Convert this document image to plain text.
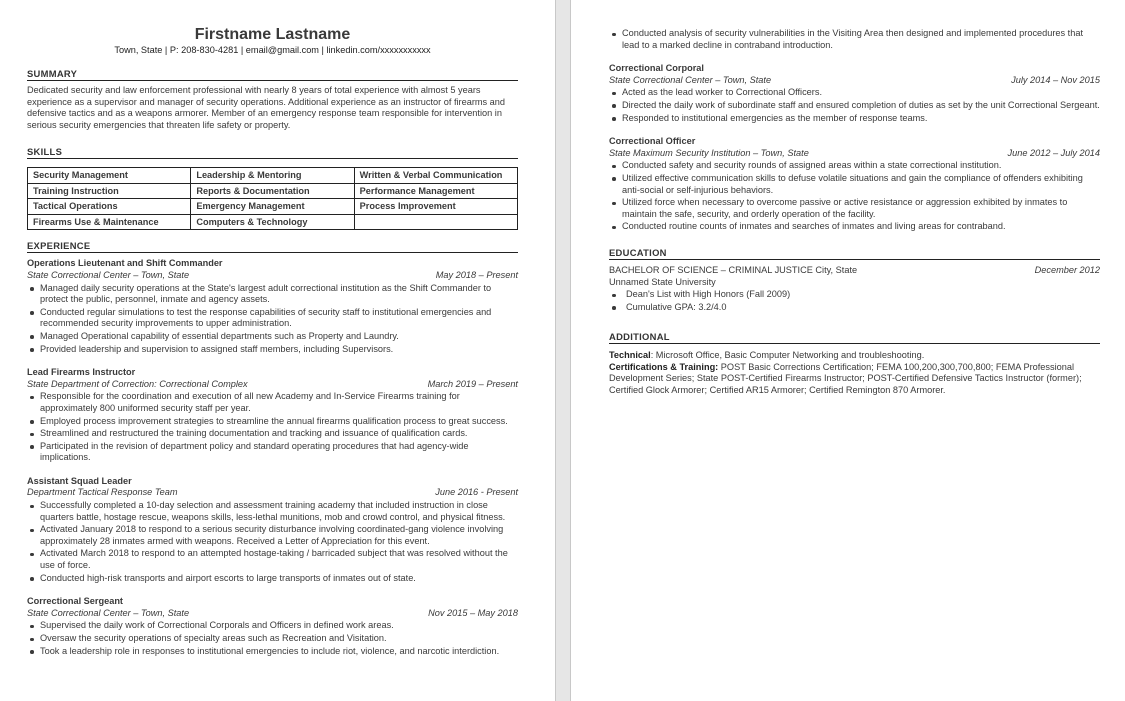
Firstname Lastname
Town, State | P: 208-830-4281 | email@gmail.com | linkedin.com/xxxxxxxxxxx
SUMMARY
Dedicated security and law enforcement professional with nearly 8 years of total experience with almost 5 years experience as a supervisor and manager of security operations. Additional experience as an instructor of firearms and defensive tactics and as a weapons armorer. Member of an emergency response team responsible for intervention in serious security emergencies that threaten life safety or property.
SKILLS
Security Management	Leadership & Mentoring	Written & Verbal Communication
Training Instruction	Reports & Documentation	Performance Management
Tactical Operations	Emergency Management	Process Improvement
Firearms Use & Maintenance	Computers & Technology	
EXPERIENCE
Operations Lieutenant and Shift Commander
State Correctional Center – Town, State	May 2018 – Present
Managed daily security operations at the State's largest adult correctional institution as the Shift Commander to protect the public, personnel, inmate and agency assets.
Conducted regular simulations to test the response capabilities of security staff to institutional emergencies and recommended security improvements to upper administration.
Managed Operational capability of essential departments such as Property and Laundry.
Provided leadership and supervision to assigned staff members, including Supervisors.
Lead Firearms Instructor
State Department of Correction: Correctional Complex	March 2019 – Present
Responsible for the coordination and execution of all new Academy and In-Service Firearms training for approximately 800 uniformed security staff per year.
Employed process improvement strategies to streamline the annual firearms qualification process to great success.
Streamlined and restructured the training documentation and tracking and issuance of qualification cards.
Participated in the revision of department policy and standard operating procedures that had agency-wide implications.
Assistant Squad Leader
Department Tactical Response Team	June 2016 - Present
Successfully completed a 10-day selection and assessment training academy that included instruction in close quarters battle, hostage rescue, weapons skills, less-lethal munitions, mob and crowd control, and physical fitness.
Activated January 2018 to respond to a serious security disturbance involving coordinated-gang violence involving approximately 28 inmates armed with weapons. Received a Letter of Appreciation for this event.
Activated March 2018 to respond to an attempted hostage-taking / barricaded subject that was resolved without the use of force.
Conducted high-risk transports and airport escorts to large transports of inmates out of state.
Correctional Sergeant
State Correctional Center – Town, State	Nov 2015 – May 2018
Supervised the daily work of Correctional Corporals and Officers in defined work areas.
Oversaw the security operations of specialty areas such as Recreation and Visitation.
Took a leadership role in responses to institutional emergencies to include riot, violence, and narcotic interdiction.
Conducted analysis of security vulnerabilities in the Visiting Area then designed and implemented procedures that lead to a marked decline in contraband introduction.
Correctional Corporal
State Correctional Center – Town, State	July 2014 – Nov 2015
Acted as the lead worker to Correctional Officers.
Directed the daily work of subordinate staff and ensured completion of duties as set by the unit Correctional Sergeant.
Responded to institutional emergencies as the member of response teams.
Correctional Officer
State Maximum Security Institution – Town, State	June 2012 – July 2014
Conducted safety and security rounds of assigned areas within a state correctional institution.
Utilized effective communication skills to defuse volatile situations and gain the compliance of offenders exhibiting anti-social or self-injurious behaviors.
Utilized force when necessary to overcome passive or active resistance or aggression exhibited by inmates to maintain the safe, security, and orderly operation of the facility.
Conducted routine counts of inmates and searches of inmates and living areas for contraband.
EDUCATION
BACHELOR OF SCIENCE – CRIMINAL JUSTICE City, State	December 2012
Unnamed State University
Dean's List with High Honors (Fall 2009)
Cumulative GPA: 3.2/4.0
ADDITIONAL
Technical: Microsoft Office, Basic Computer Networking and troubleshooting.
Certifications & Training: POST Basic Corrections Certification; FEMA 100,200,300,700,800; FEMA Professional Development Series; State POST-Certified Firearms Instructor; POST-Certified Defensive Tactics Instructor (former); Certified Glock Armorer; Certified AR15 Armorer; Certified Remington 870 Armorer.
